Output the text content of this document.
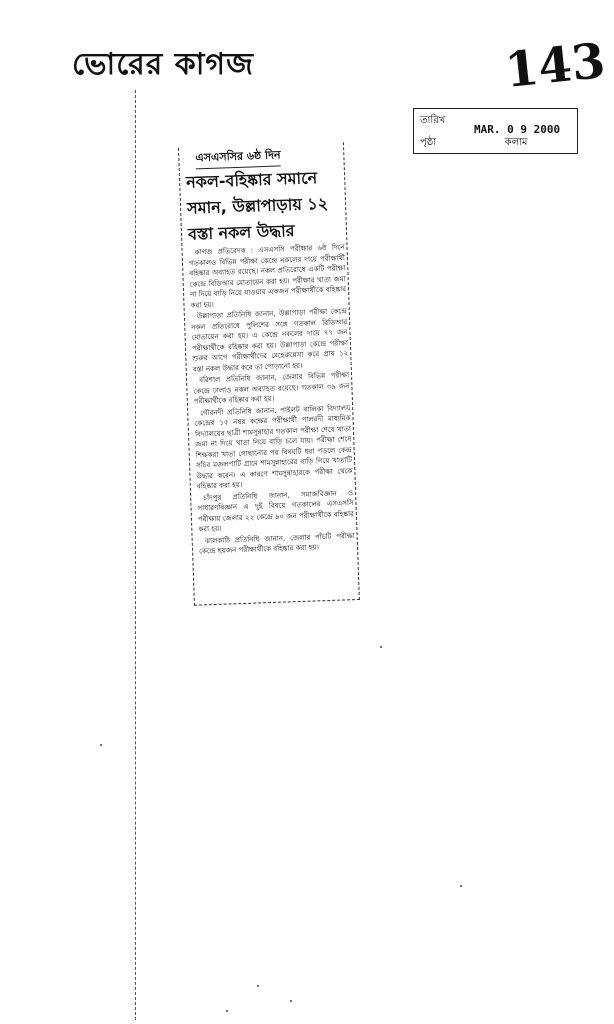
ভোরের কাগজ	143
তারিখ
MAR. 0 9 2000
পৃষ্ঠা	কলাম
এসএসসির ৬ষ্ঠ দিন
নকল-বহিষ্কার সমানে সমান, উল্লাপাড়ায় ১২ বস্তা নকল উদ্ধার

কাগজ প্রতিবেদক : এসএসসি পরীক্ষার ৬ষ্ঠ দিনে গতকালও বিভিন্ন পরীক্ষা কেন্দ্রে নকলের দায়ে পরীক্ষার্থী বহিষ্কার অব্যাহত রয়েছে। নকল প্রতিরোধে একটি পরীক্ষা কেন্দ্রে বিডিআর মোতায়েন করা হয়। পরীক্ষার খাতা জমা না দিয়ে বাড়ি নিয়ে যাওয়ায় একজন পরীক্ষার্থীকে বহিষ্কার করা হয়।

উল্লাপাড়া প্রতিনিধি জানান, উল্লাপাড়া পরীক্ষা কেন্দ্রে নকল প্রতিরোধে পুলিশের সঙ্গে গতকাল বিডিআর মোতায়েন করা হয়। এ কেন্দ্রে নকলের দায়ে ৭৭ জন পরীক্ষার্থীকে বহিষ্কার করা হয়। উল্লাপাড়া কেন্দ্রে পরীক্ষা শুরুর আগে পরীক্ষার্থীদের মেহেরুন্নেসা করে প্রায় ১২ বস্তা নকল উদ্ধার করে তা পোড়ানো হয়।

বরিশাল প্রতিনিধি জানান, জেলার বিভিন্ন পরীক্ষা কেন্দ্রে ঢালাও নকল অব্যাহত রয়েছে। গতকাল ৩৯ জন পরীক্ষার্থীকে বহিষ্কার করা হয়।

গৌরনদী প্রতিনিধি জানান, পাইলট বালিকা বিদ্যালয় কেন্দ্রের ১৫ নম্বর কক্ষের পরীক্ষার্থী পালরদী মাধ্যমিক বিদ্যালয়ের ছাত্রী শামসুন্নাহার গতকাল পরীক্ষা শেষে খাতা জমা না দিয়ে খাতা নিয়ে বাড়ি চলে যায়। পরীক্ষা শেষে শিক্ষকরা খাতা গোছানোর পর বিষয়টি ধরা পড়লে কেন্দ্র সচিব মজলপাটি গ্রামে শামসুন্নাহারের বাড়ি গিয়ে খাতাটি উদ্ধার করেন। এ কারণে শামসুন্নাহারকে পরীক্ষা থেকে বহিষ্কার করা হয়।

চাঁদপুর প্রতিনিধি জানান, সমাজবিজ্ঞান ও সাধারণবিজ্ঞান এ দুই বিষয়ে গতকালের এসএসসি পরীক্ষায় জেলার ২২ কেন্দ্রে ৯০ জন পরীক্ষার্থীকে বহিষ্কার করা হয়।

ঝালকাঠি প্রতিনিধি জানান, জেলার পাঁচটি পরীক্ষা কেন্দ্রে ছয়জন পরীক্ষার্থীকে বহিষ্কার করা হয়।
